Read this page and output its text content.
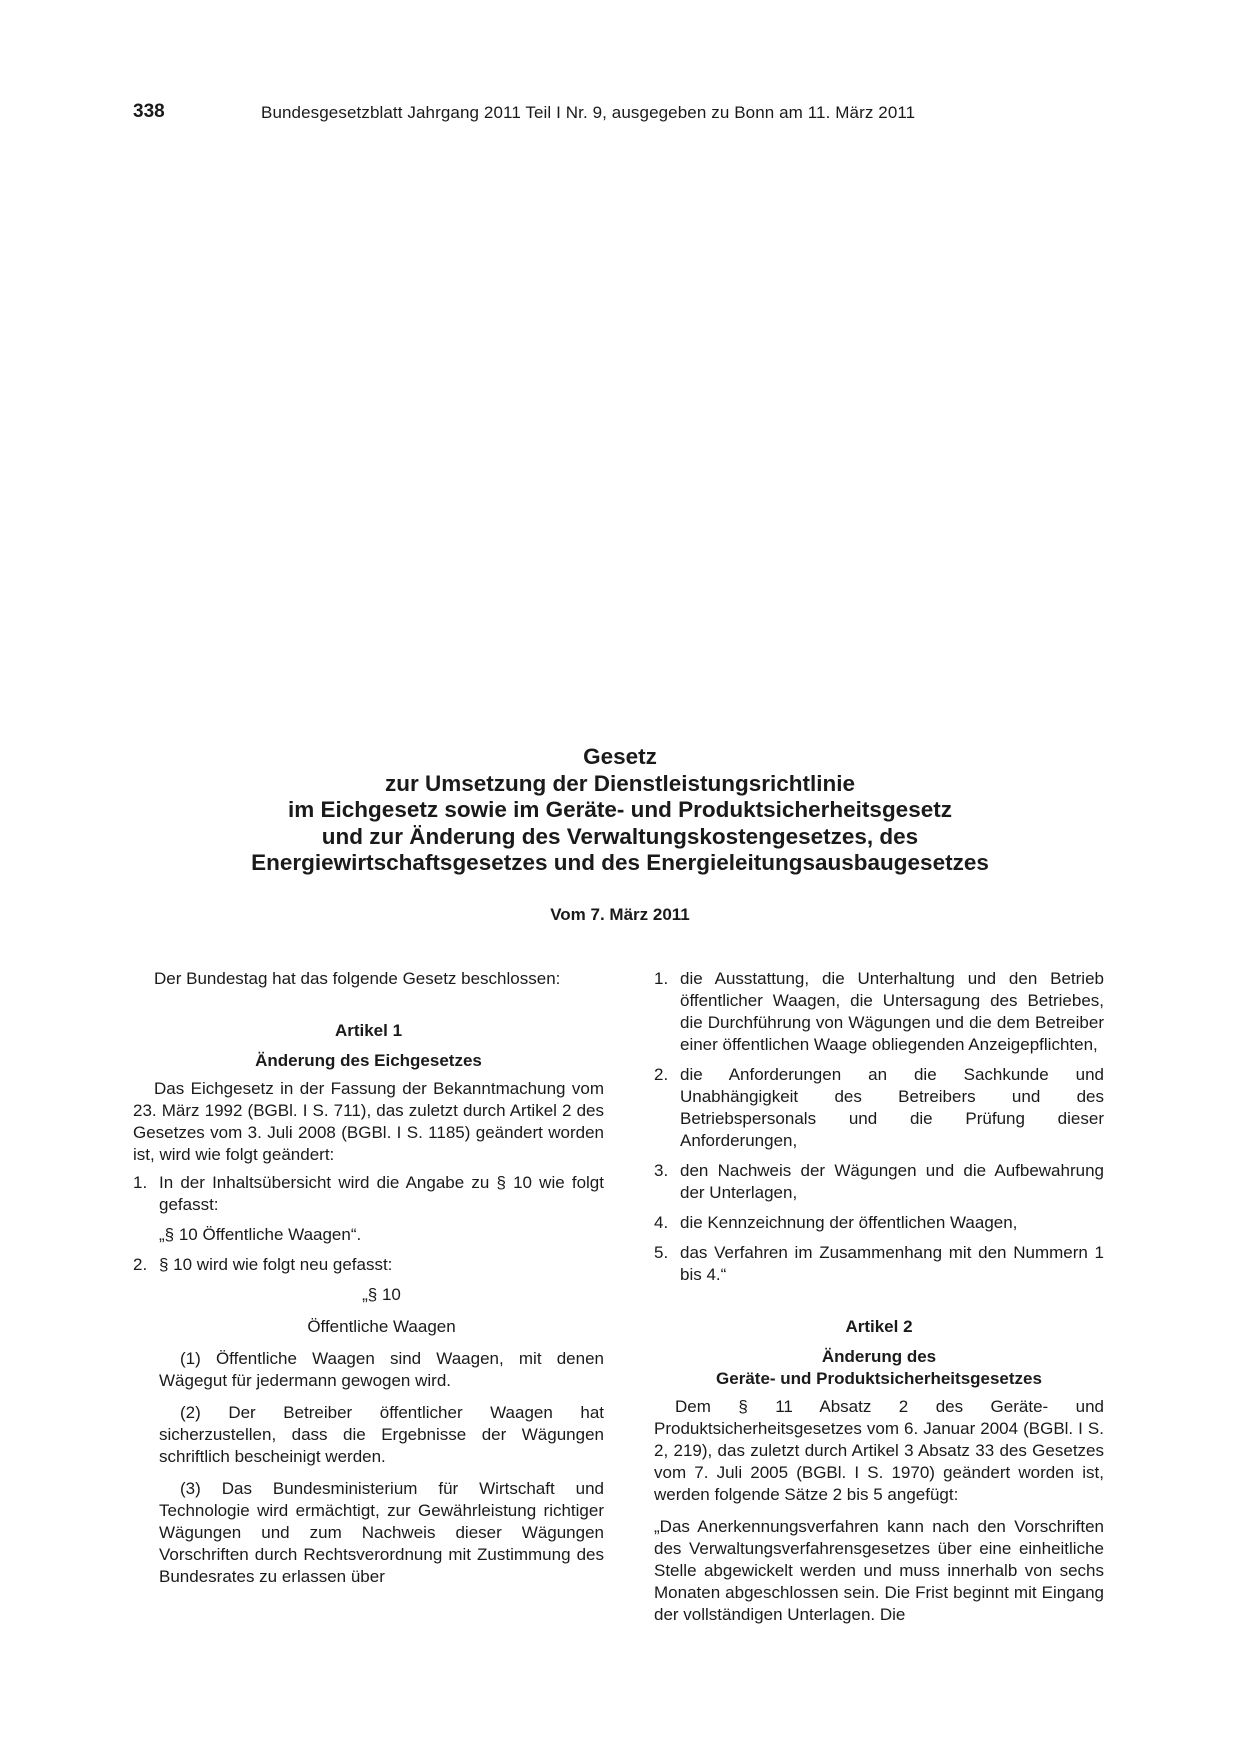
338	Bundesgesetzblatt Jahrgang 2011 Teil I Nr. 9, ausgegeben zu Bonn am 11. März 2011
Gesetz
zur Umsetzung der Dienstleistungsrichtlinie
im Eichgesetz sowie im Geräte- und Produktsicherheitsgesetz
und zur Änderung des Verwaltungskostengesetzes, des
Energiewirtschaftsgesetzes und des Energieleitungsausbaugesetzes
Vom 7. März 2011

Der Bundestag hat das folgende Gesetz beschlossen:

Artikel 1

Änderung des Eichgesetzes

Das Eichgesetz in der Fassung der Bekanntmachung vom 23. März 1992 (BGBl. I S. 711), das zuletzt durch Artikel 2 des Gesetzes vom 3. Juli 2008 (BGBl. I S. 1185) geändert worden ist, wird wie folgt geändert:

1. In der Inhaltsübersicht wird die Angabe zu § 10 wie folgt gefasst:

„§ 10 Öffentliche Waagen“.

2. § 10 wird wie folgt neu gefasst:

„§ 10

Öffentliche Waagen

(1) Öffentliche Waagen sind Waagen, mit denen Wägegut für jedermann gewogen wird.

(2) Der Betreiber öffentlicher Waagen hat sicherzustellen, dass die Ergebnisse der Wägungen schriftlich bescheinigt werden.

(3) Das Bundesministerium für Wirtschaft und Technologie wird ermächtigt, zur Gewährleistung richtiger Wägungen und zum Nachweis dieser Wägungen Vorschriften durch Rechtsverordnung mit Zustimmung des Bundesrates zu erlassen über

1. die Ausstattung, die Unterhaltung und den Betrieb öffentlicher Waagen, die Untersagung des Betriebes, die Durchführung von Wägungen und die dem Betreiber einer öffentlichen Waage obliegenden Anzeigepflichten,
2. die Anforderungen an die Sachkunde und Unabhängigkeit des Betreibers und des Betriebspersonals und die Prüfung dieser Anforderungen,
3. den Nachweis der Wägungen und die Aufbewahrung der Unterlagen,
4. die Kennzeichnung der öffentlichen Waagen,
5. das Verfahren im Zusammenhang mit den Nummern 1 bis 4.“

Artikel 2

Änderung des

Geräte- und Produktsicherheitsgesetzes

Dem § 11 Absatz 2 des Geräte- und Produktsicherheitsgesetzes vom 6. Januar 2004 (BGBl. I S. 2, 219), das zuletzt durch Artikel 3 Absatz 33 des Gesetzes vom 7. Juli 2005 (BGBl. I S. 1970) geändert worden ist, werden folgende Sätze 2 bis 5 angefügt:

„Das Anerkennungsverfahren kann nach den Vorschriften des Verwaltungsverfahrensgesetzes über eine einheitliche Stelle abgewickelt werden und muss innerhalb von sechs Monaten abgeschlossen sein. Die Frist beginnt mit Eingang der vollständigen Unterlagen. Die
